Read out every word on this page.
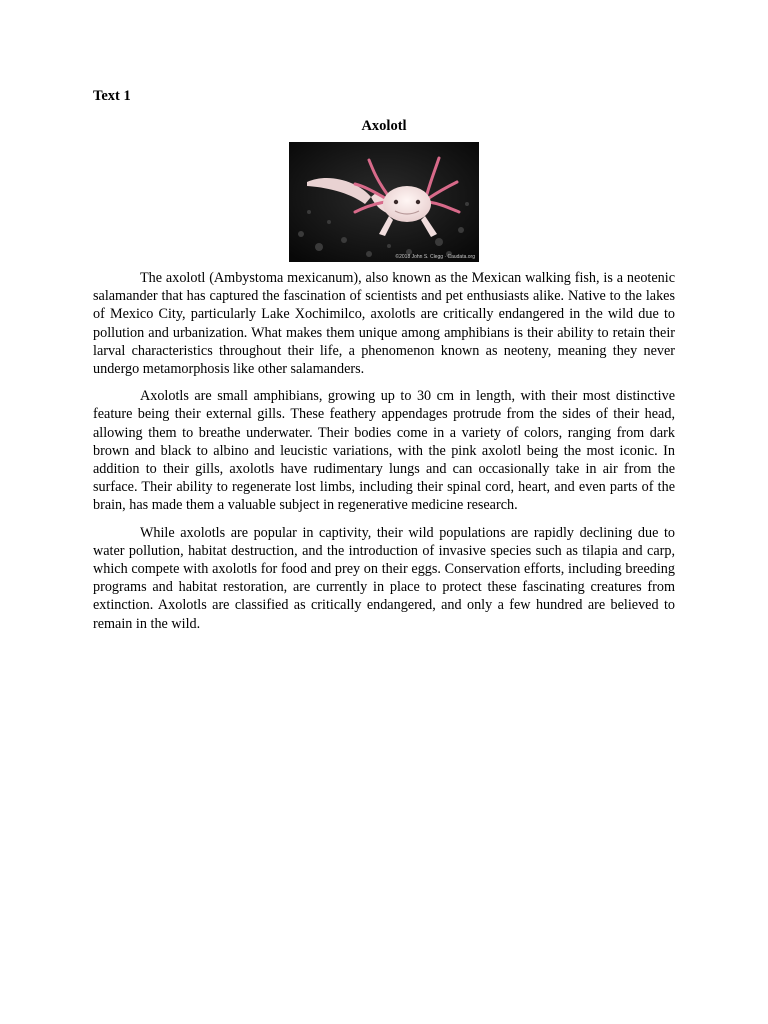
Text 1

Axolotl

©2018 John S. Clegg · Caudata.org

The axolotl (Ambystoma mexicanum), also known as the Mexican walking fish, is a neotenic salamander that has captured the fascination of scientists and pet enthusiasts alike. Native to the lakes of Mexico City, particularly Lake Xochimilco, axolotls are critically endangered in the wild due to pollution and urbanization. What makes them unique among amphibians is their ability to retain their larval characteristics throughout their life, a phenomenon known as neoteny, meaning they never undergo metamorphosis like other salamanders.

Axolotls are small amphibians, growing up to 30 cm in length, with their most distinctive feature being their external gills. These feathery appendages protrude from the sides of their head, allowing them to breathe underwater. Their bodies come in a variety of colors, ranging from dark brown and black to albino and leucistic variations, with the pink axolotl being the most iconic. In addition to their gills, axolotls have rudimentary lungs and can occasionally take in air from the surface. Their ability to regenerate lost limbs, including their spinal cord, heart, and even parts of the brain, has made them a valuable subject in regenerative medicine research.

While axolotls are popular in captivity, their wild populations are rapidly declining due to water pollution, habitat destruction, and the introduction of invasive species such as tilapia and carp, which compete with axolotls for food and prey on their eggs. Conservation efforts, including breeding programs and habitat restoration, are currently in place to protect these fascinating creatures from extinction. Axolotls are classified as critically endangered, and only a few hundred are believed to remain in the wild.
